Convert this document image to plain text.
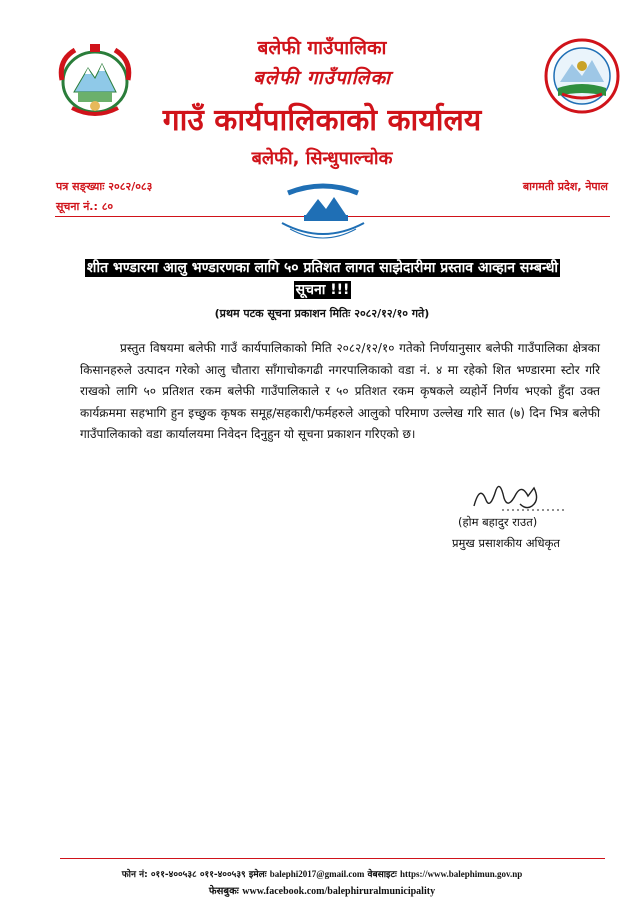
बलेफी गाउँपालिका
बलेफी गाउँपालिका
गाउँ कार्यपालिकाको कार्यालय
बलेफी, सिन्धुपाल्चोक
पत्र सङ्ख्याः २०८२/०८३
सूचना नं.: ८०
बागमती प्रदेश, नेपाल
शीत भण्डारमा आलु भण्डारणका लागि ५० प्रतिशत लागत साझेदारीमा प्रस्ताव आव्हान सम्बन्धी सूचना !!!
(प्रथम पटक सूचना प्रकाशन मितिः २०८२/१२/१० गते)

प्रस्तुत विषयमा बलेफी गाउँ कार्यपालिकाको मिति २०८२/१२/१० गतेको निर्णयानुसार बलेफी गाउँपालिका क्षेत्रका किसानहरुले उत्पादन गरेको आलु चौतारा साँगाचोकगढी नगरपालिकाको वडा नं. ४ मा रहेको शित भण्डारमा स्टोर गरि राखको लागि ५० प्रतिशत रकम बलेफी गाउँपालिकाले र ५० प्रतिशत रकम कृषकले व्यहोर्ने निर्णय भएको हुँदा उक्त कार्यक्रममा सहभागि हुन इच्छुक कृषक समूह/सहकारी/फर्महरुले आलुको परिमाण उल्लेख गरि सात (७) दिन भित्र बलेफी गाउँपालिकाको वडा कार्यालयमा निवेदन दिनुहुन यो सूचना प्रकाशन गरिएको छ।

(होम बहादुर राउत)
प्रमुख प्रसाशकीय अधिकृत
फोन नं: ०११-४००५३८ ०११-४००५३९ इमेलः balephi2017@gmail.com वेबसाइटः https://www.balephimun.gov.np
फेसबुकः www.facebook.com/balephiruralmunicipality
